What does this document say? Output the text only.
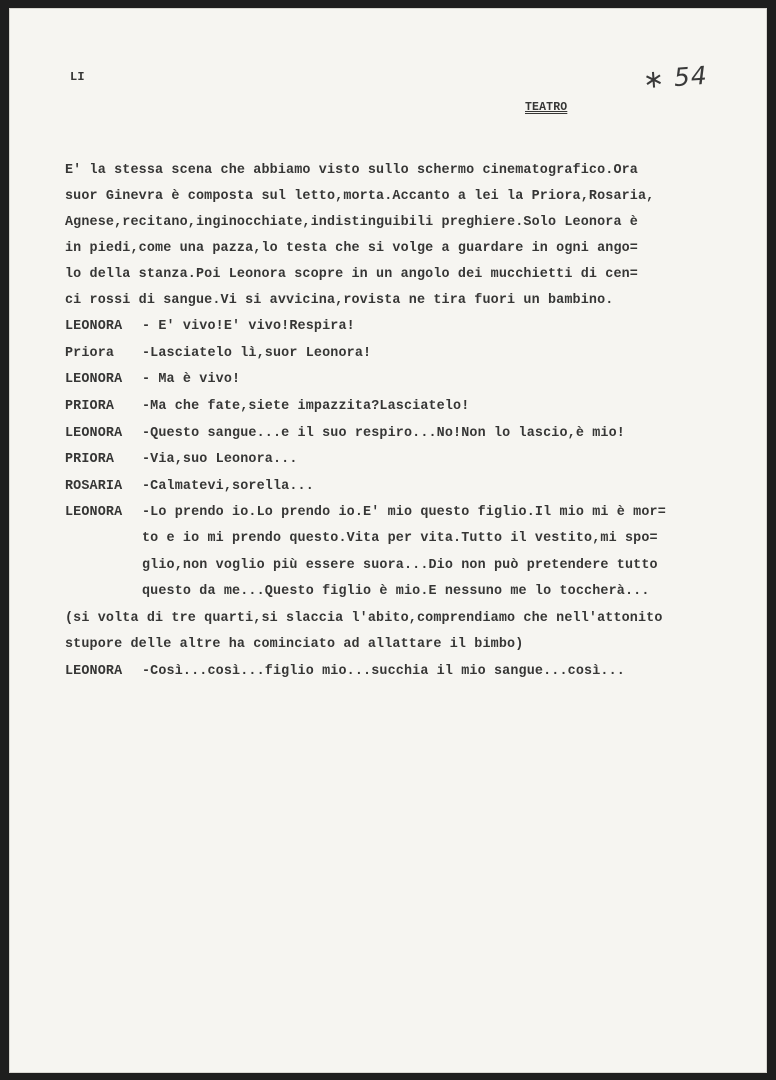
LI
TEATRO
∗ 54
E' la stessa scena che abbiamo visto sullo schermo cinematografico.Ora
suor Ginevra è composta sul letto,morta.Accanto a lei la Priora,Rosaria,
Agnese,recitano,inginocchiate,indistinguibili preghiere.Solo Leonora è
in piedi,come una pazza,lo testa che si volge a guardare in ogni ango=
lo della stanza.Poi Leonora scopre in un angolo dei mucchietti di cen=
ci rossi di sangue.Vi si avvicina,rovista ne tira fuori un bambino.
LEONORA - E' vivo!E' vivo!Respira!
Priora -Lasciatelo lì,suor Leonora!
LEONORA - Ma è vivo!
PRIORA -Ma che fate,siete impazzita?Lasciatelo!
LEONORA -Questo sangue...e il suo respiro...No!Non lo lascio,è mio!
PRIORA -Via,suo Leonora...
ROSARIA -Calmatevi,sorella...
LEONORA -Lo prendo io.Lo prendo io.E' mio questo figlio.Il mio mi è mor=
to e io mi prendo questo.Vita per vita.Tutto il vestito,mi spo=
glio,non voglio più essere suora...Dio non può pretendere tutto
questo da me...Questo figlio è mio.E nessuno me lo toccherà...
(si volta di tre quarti,si slaccia l'abito,comprendiamo che nell'attonito
stupore delle altre ha cominciato ad allattare il bimbo)
LEONORA -Così...così...figlio mio...succhia il mio sangue...così...
